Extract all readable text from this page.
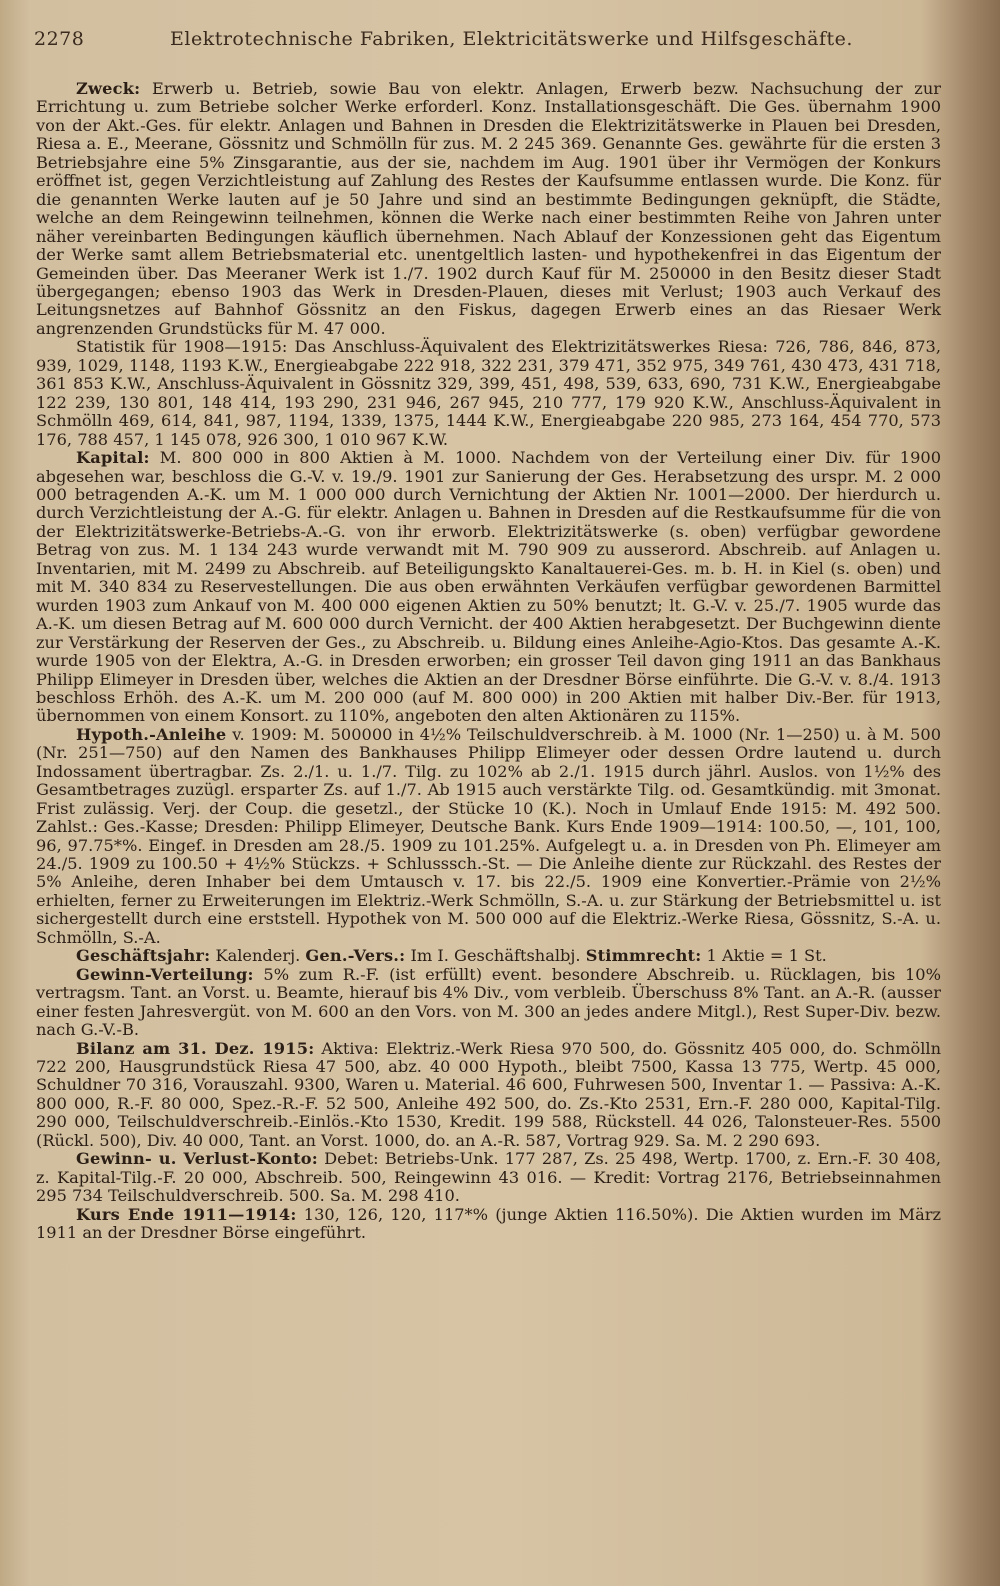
2278	Elektrotechnische Fabriken, Elektricitätswerke und Hilfsgeschäfte.

Zweck: Erwerb u. Betrieb, sowie Bau von elektr. Anlagen, Erwerb bezw. Nachsuchung der zur Errichtung u. zum Betriebe solcher Werke erforderl. Konz. Installationsgeschäft. Die Ges. übernahm 1900 von der Akt.-Ges. für elektr. Anlagen und Bahnen in Dresden die Elektrizitätswerke in Plauen bei Dresden, Riesa a. E., Meerane, Gössnitz und Schmölln für zus. M. 2 245 369. Genannte Ges. gewährte für die ersten 3 Betriebsjahre eine 5% Zinsgarantie, aus der sie, nachdem im Aug. 1901 über ihr Vermögen der Konkurs eröffnet ist, gegen Verzichtleistung auf Zahlung des Restes der Kaufsumme entlassen wurde. Die Konz. für die genannten Werke lauten auf je 50 Jahre und sind an bestimmte Bedingungen geknüpft, die Städte, welche an dem Reingewinn teilnehmen, können die Werke nach einer bestimmten Reihe von Jahren unter näher vereinbarten Bedingungen käuflich übernehmen. Nach Ablauf der Konzessionen geht das Eigentum der Werke samt allem Betriebsmaterial etc. unentgeltlich lasten- und hypothekenfrei in das Eigentum der Gemeinden über. Das Meeraner Werk ist 1./7. 1902 durch Kauf für M. 250000 in den Besitz dieser Stadt übergegangen; ebenso 1903 das Werk in Dresden-Plauen, dieses mit Verlust; 1903 auch Verkauf des Leitungsnetzes auf Bahnhof Gössnitz an den Fiskus, dagegen Erwerb eines an das Riesaer Werk angrenzenden Grundstücks für M. 47 000.

Statistik für 1908—1915: Das Anschluss-Äquivalent des Elektrizitätswerkes Riesa: 726, 786, 846, 873, 939, 1029, 1148, 1193 K.W., Energieabgabe 222 918, 322 231, 379 471, 352 975, 349 761, 430 473, 431 718, 361 853 K.W., Anschluss-Äquivalent in Gössnitz 329, 399, 451, 498, 539, 633, 690, 731 K.W., Energieabgabe 122 239, 130 801, 148 414, 193 290, 231 946, 267 945, 210 777, 179 920 K.W., Anschluss-Äquivalent in Schmölln 469, 614, 841, 987, 1194, 1339, 1375, 1444 K.W., Energieabgabe 220 985, 273 164, 454 770, 573 176, 788 457, 1 145 078, 926 300, 1 010 967 K.W.

Kapital: M. 800 000 in 800 Aktien à M. 1000. Nachdem von der Verteilung einer Div. für 1900 abgesehen war, beschloss die G.-V. v. 19./9. 1901 zur Sanierung der Ges. Herabsetzung des urspr. M. 2 000 000 betragenden A.-K. um M. 1 000 000 durch Vernichtung der Aktien Nr. 1001—2000. Der hierdurch u. durch Verzichtleistung der A.-G. für elektr. Anlagen u. Bahnen in Dresden auf die Restkaufsumme für die von der Elektrizitätswerke-Betriebs-A.-G. von ihr erworb. Elektrizitätswerke (s. oben) verfügbar gewordene Betrag von zus. M. 1 134 243 wurde verwandt mit M. 790 909 zu ausserord. Abschreib. auf Anlagen u. Inventarien, mit M. 2499 zu Abschreib. auf Beteiligungskto Kanaltauerei-Ges. m. b. H. in Kiel (s. oben) und mit M. 340 834 zu Reservestellungen. Die aus oben erwähnten Verkäufen verfügbar gewordenen Barmittel wurden 1903 zum Ankauf von M. 400 000 eigenen Aktien zu 50% benutzt; lt. G.-V. v. 25./7. 1905 wurde das A.-K. um diesen Betrag auf M. 600 000 durch Vernicht. der 400 Aktien herabgesetzt. Der Buchgewinn diente zur Verstärkung der Reserven der Ges., zu Abschreib. u. Bildung eines Anleihe-Agio-Ktos. Das gesamte A.-K. wurde 1905 von der Elektra, A.-G. in Dresden erworben; ein grosser Teil davon ging 1911 an das Bankhaus Philipp Elimeyer in Dresden über, welches die Aktien an der Dresdner Börse einführte. Die G.-V. v. 8./4. 1913 beschloss Erhöh. des A.-K. um M. 200 000 (auf M. 800 000) in 200 Aktien mit halber Div.-Ber. für 1913, übernommen von einem Konsort. zu 110%, angeboten den alten Aktionären zu 115%.

Hypoth.-Anleihe v. 1909: M. 500000 in 4½% Teilschuldverschreib. à M. 1000 (Nr. 1—250) u. à M. 500 (Nr. 251—750) auf den Namen des Bankhauses Philipp Elimeyer oder dessen Ordre lautend u. durch Indossament übertragbar. Zs. 2./1. u. 1./7. Tilg. zu 102% ab 2./1. 1915 durch jährl. Auslos. von 1½% des Gesamtbetrages zuzügl. ersparter Zs. auf 1./7. Ab 1915 auch verstärkte Tilg. od. Gesamtkündig. mit 3monat. Frist zulässig. Verj. der Coup. die gesetzl., der Stücke 10 (K.). Noch in Umlauf Ende 1915: M. 492 500. Zahlst.: Ges.-Kasse; Dresden: Philipp Elimeyer, Deutsche Bank. Kurs Ende 1909—1914: 100.50, —, 101, 100, 96, 97.75*%. Eingef. in Dresden am 28./5. 1909 zu 101.25%. Aufgelegt u. a. in Dresden von Ph. Elimeyer am 24./5. 1909 zu 100.50 + 4½% Stückzs. + Schlusssch.-St. — Die Anleihe diente zur Rückzahl. des Restes der 5% Anleihe, deren Inhaber bei dem Umtausch v. 17. bis 22./5. 1909 eine Konvertier.-Prämie von 2½% erhielten, ferner zu Erweiterungen im Elektriz.-Werk Schmölln, S.-A. u. zur Stärkung der Betriebsmittel u. ist sichergestellt durch eine erststell. Hypothek von M. 500 000 auf die Elektriz.-Werke Riesa, Gössnitz, S.-A. u. Schmölln, S.-A.

Geschäftsjahr: Kalenderj. Gen.-Vers.: Im I. Geschäftshalbj. Stimmrecht: 1 Aktie = 1 St.

Gewinn-Verteilung: 5% zum R.-F. (ist erfüllt) event. besondere Abschreib. u. Rücklagen, bis 10% vertragsm. Tant. an Vorst. u. Beamte, hierauf bis 4% Div., vom verbleib. Überschuss 8% Tant. an A.-R. (ausser einer festen Jahresvergüt. von M. 600 an den Vors. von M. 300 an jedes andere Mitgl.), Rest Super-Div. bezw. nach G.-V.-B.

Bilanz am 31. Dez. 1915: Aktiva: Elektriz.-Werk Riesa 970 500, do. Gössnitz 405 000, do. Schmölln 722 200, Hausgrundstück Riesa 47 500, abz. 40 000 Hypoth., bleibt 7500, Kassa 13 775, Wertp. 45 000, Schuldner 70 316, Vorauszahl. 9300, Waren u. Material. 46 600, Fuhrwesen 500, Inventar 1. — Passiva: A.-K. 800 000, R.-F. 80 000, Spez.-R.-F. 52 500, Anleihe 492 500, do. Zs.-Kto 2531, Ern.-F. 280 000, Kapital-Tilg. 290 000, Teilschuldverschreib.-Einlös.-Kto 1530, Kredit. 199 588, Rückstell. 44 026, Talonsteuer-Res. 5500 (Rückl. 500), Div. 40 000, Tant. an Vorst. 1000, do. an A.-R. 587, Vortrag 929. Sa. M. 2 290 693.

Gewinn- u. Verlust-Konto: Debet: Betriebs-Unk. 177 287, Zs. 25 498, Wertp. 1700, z. Ern.-F. 30 408, z. Kapital-Tilg.-F. 20 000, Abschreib. 500, Reingewinn 43 016. — Kredit: Vortrag 2176, Betriebseinnahmen 295 734 Teilschuldverschreib. 500. Sa. M. 298 410.

Kurs Ende 1911—1914: 130, 126, 120, 117*% (junge Aktien 116.50%). Die Aktien wurden im März 1911 an der Dresdner Börse eingeführt.
